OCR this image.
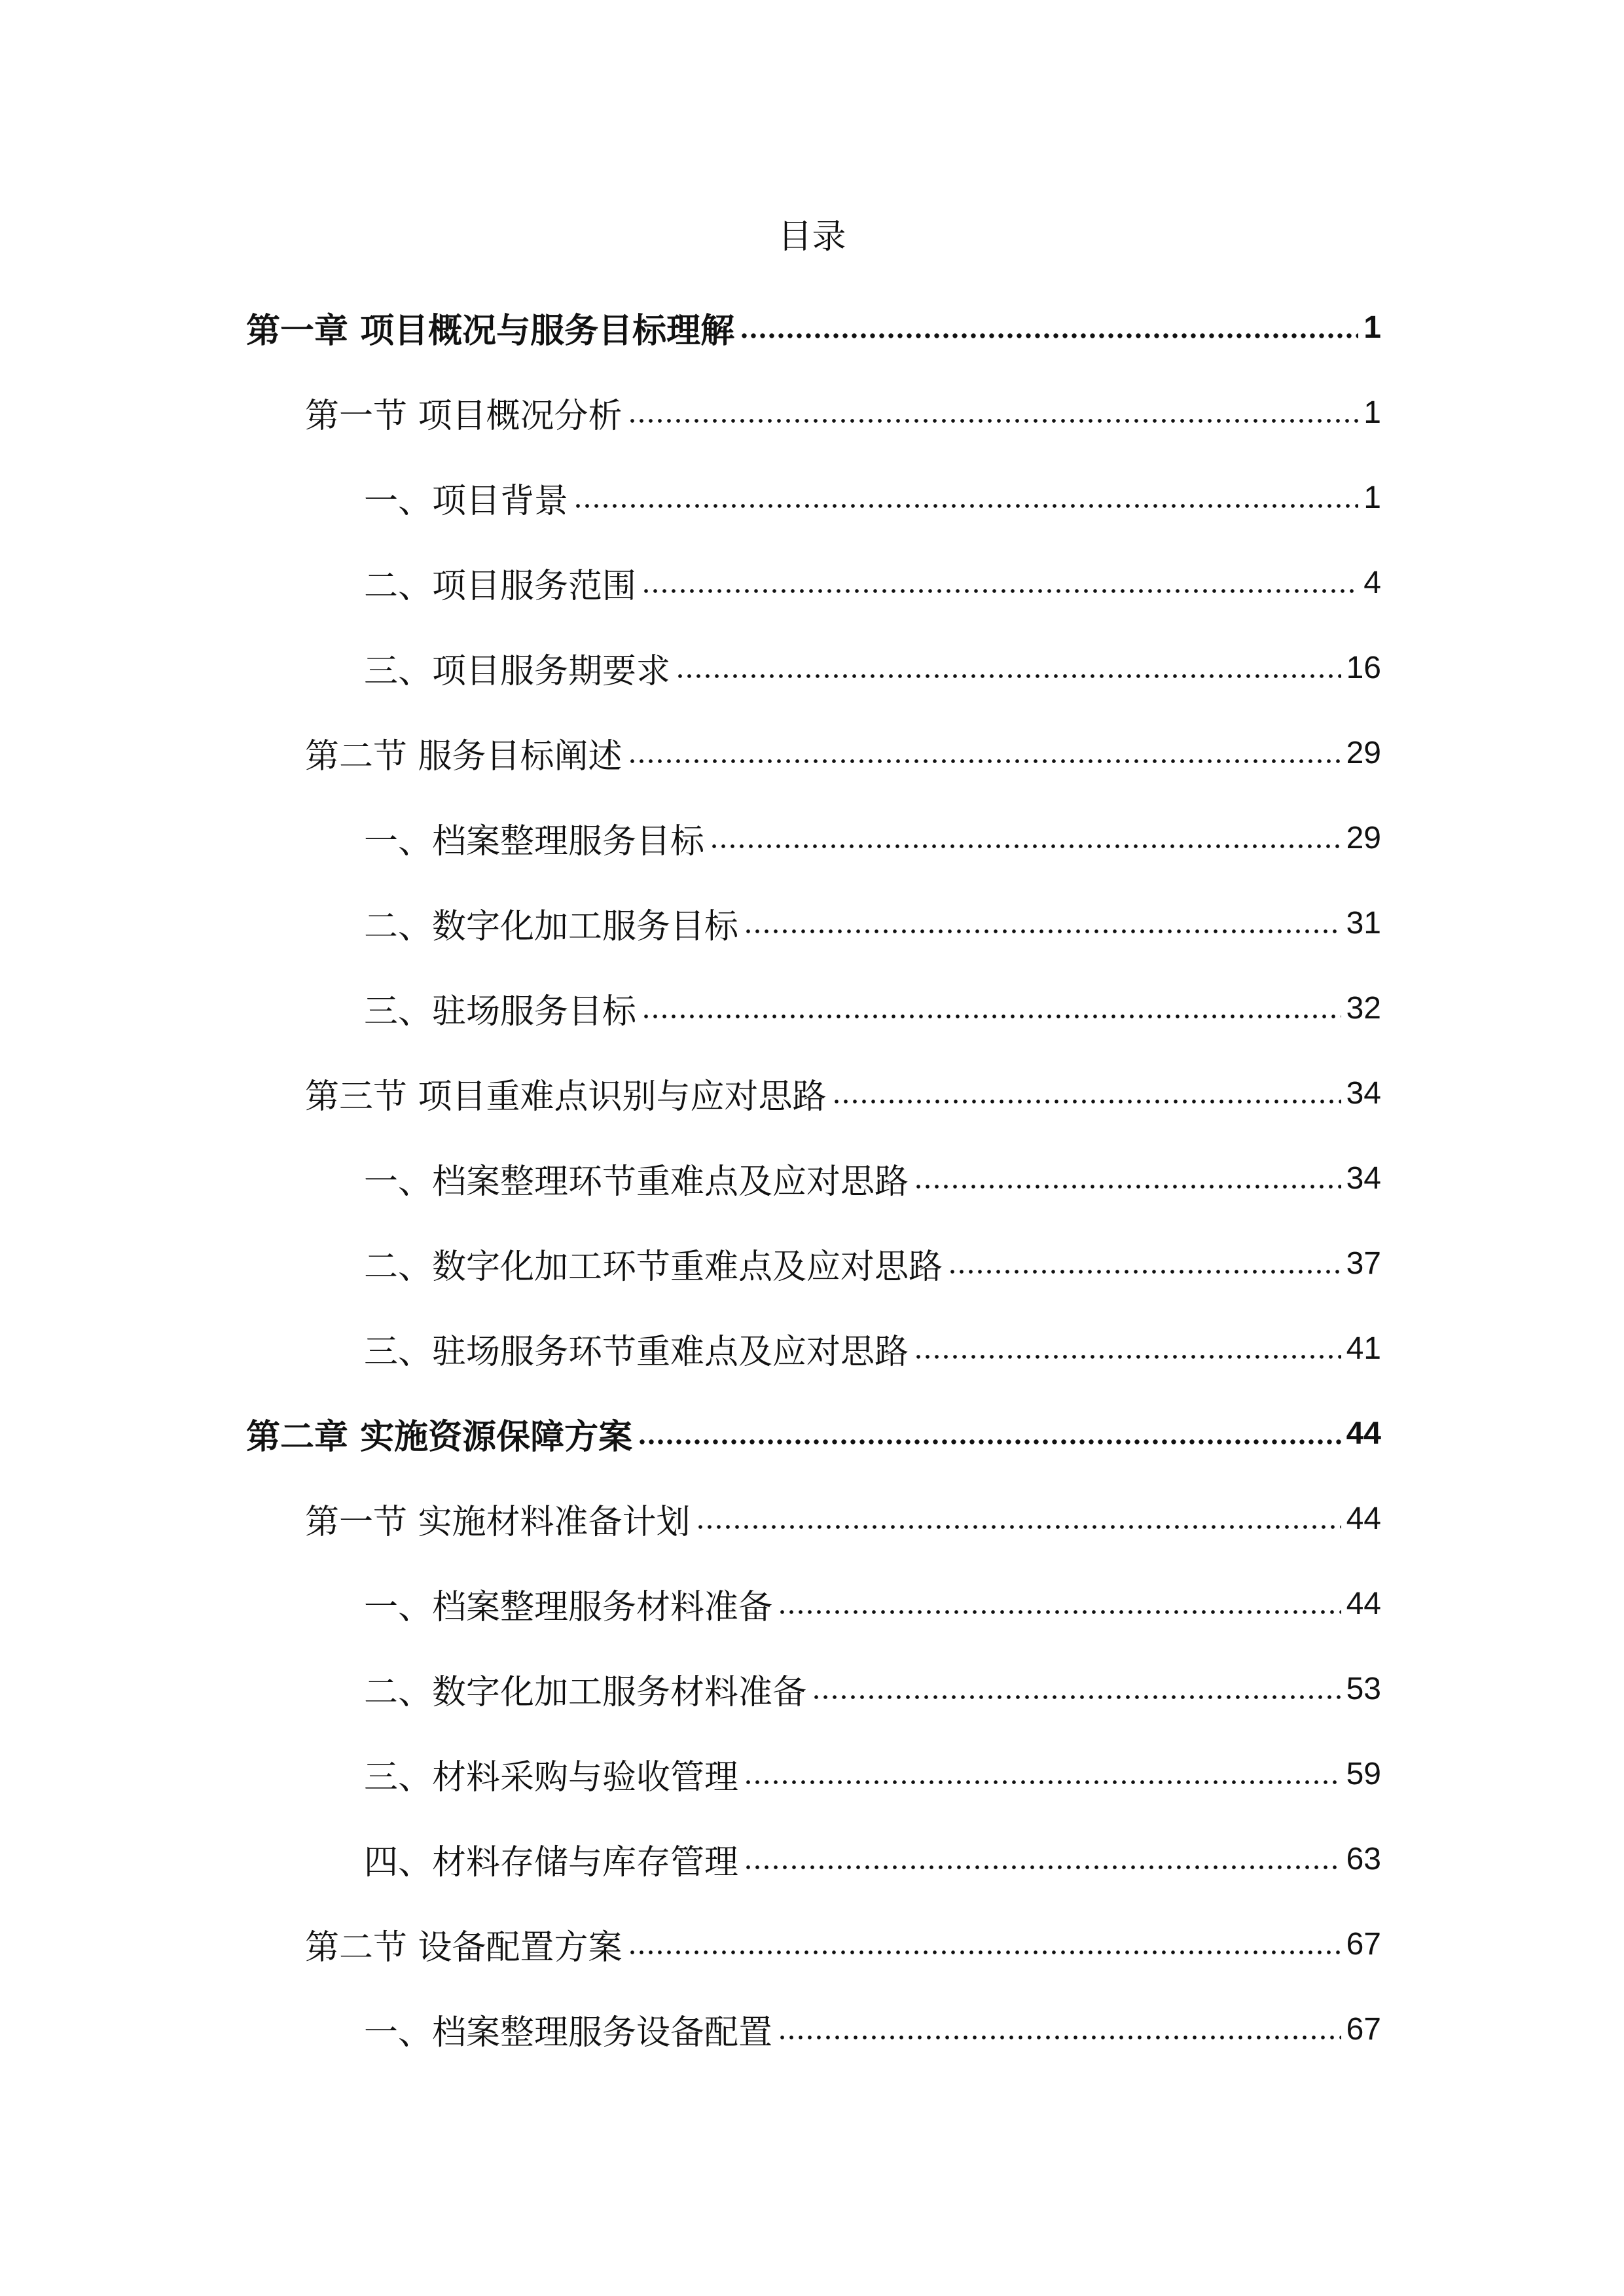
目录
第一章 项目概况与服务目标理解	1
第一节 项目概况分析	1
一、项目背景	1
二、项目服务范围	4
三、项目服务期要求	16
第二节 服务目标阐述	29
一、档案整理服务目标	29
二、数字化加工服务目标	31
三、驻场服务目标	32
第三节 项目重难点识别与应对思路	34
一、档案整理环节重难点及应对思路	34
二、数字化加工环节重难点及应对思路	37
三、驻场服务环节重难点及应对思路	41
第二章 实施资源保障方案	44
第一节 实施材料准备计划	44
一、档案整理服务材料准备	44
二、数字化加工服务材料准备	53
三、材料采购与验收管理	59
四、材料存储与库存管理	63
第二节 设备配置方案	67
一、档案整理服务设备配置	67
